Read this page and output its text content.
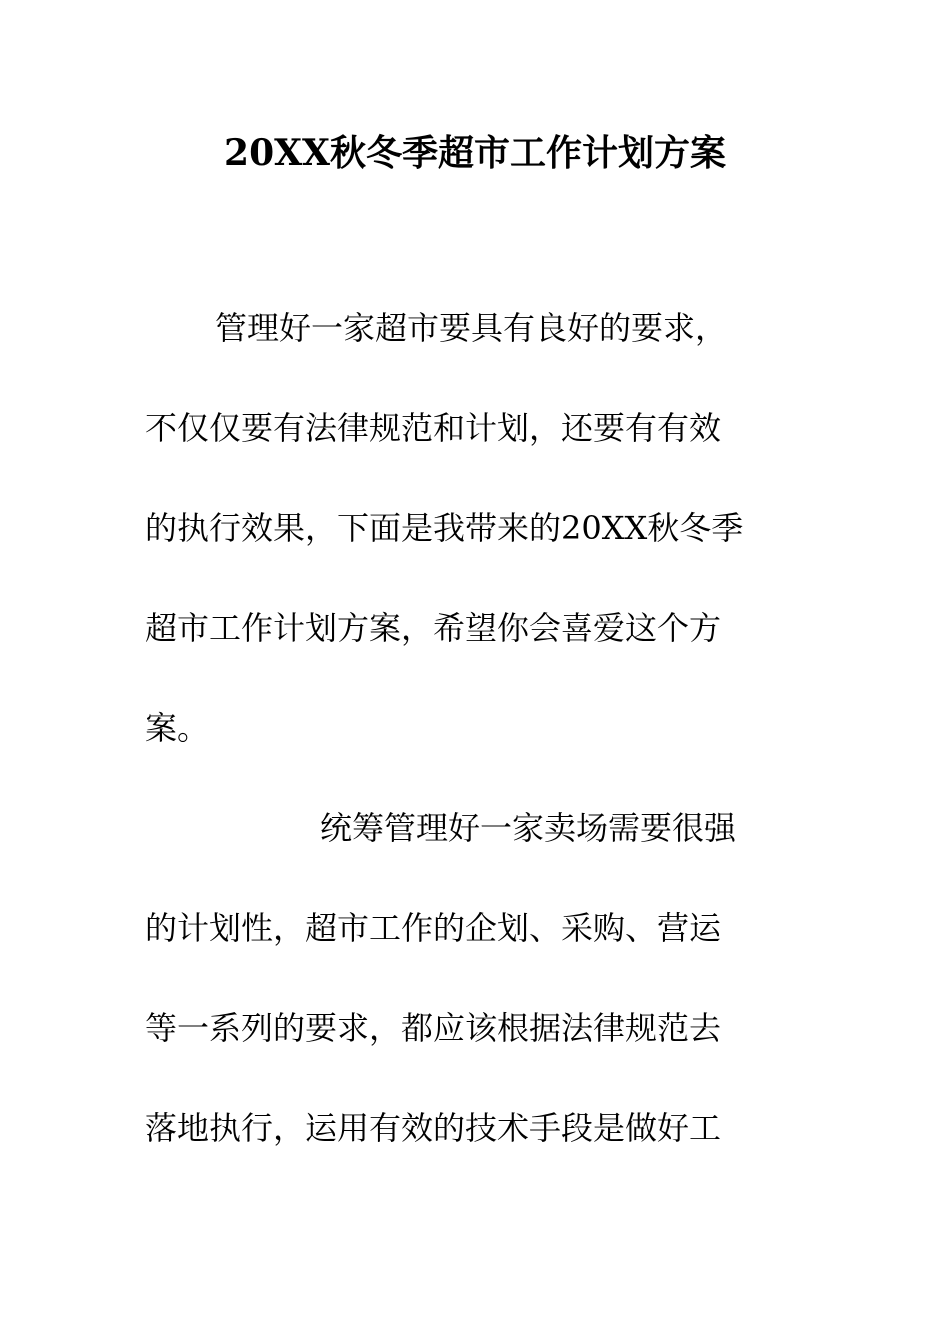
20XX秋冬季超市工作计划方案
管理好一家超市要具有良好的要求，
不仅仅要有法律规范和计划，还要有有效
的执行效果，下面是我带来的20XX秋冬季
超市工作计划方案，希望你会喜爱这个方
案。
统筹管理好一家卖场需要很强
的计划性，超市工作的企划、采购、营运
等一系列的要求，都应该根据法律规范去
落地执行，运用有效的技术手段是做好工
